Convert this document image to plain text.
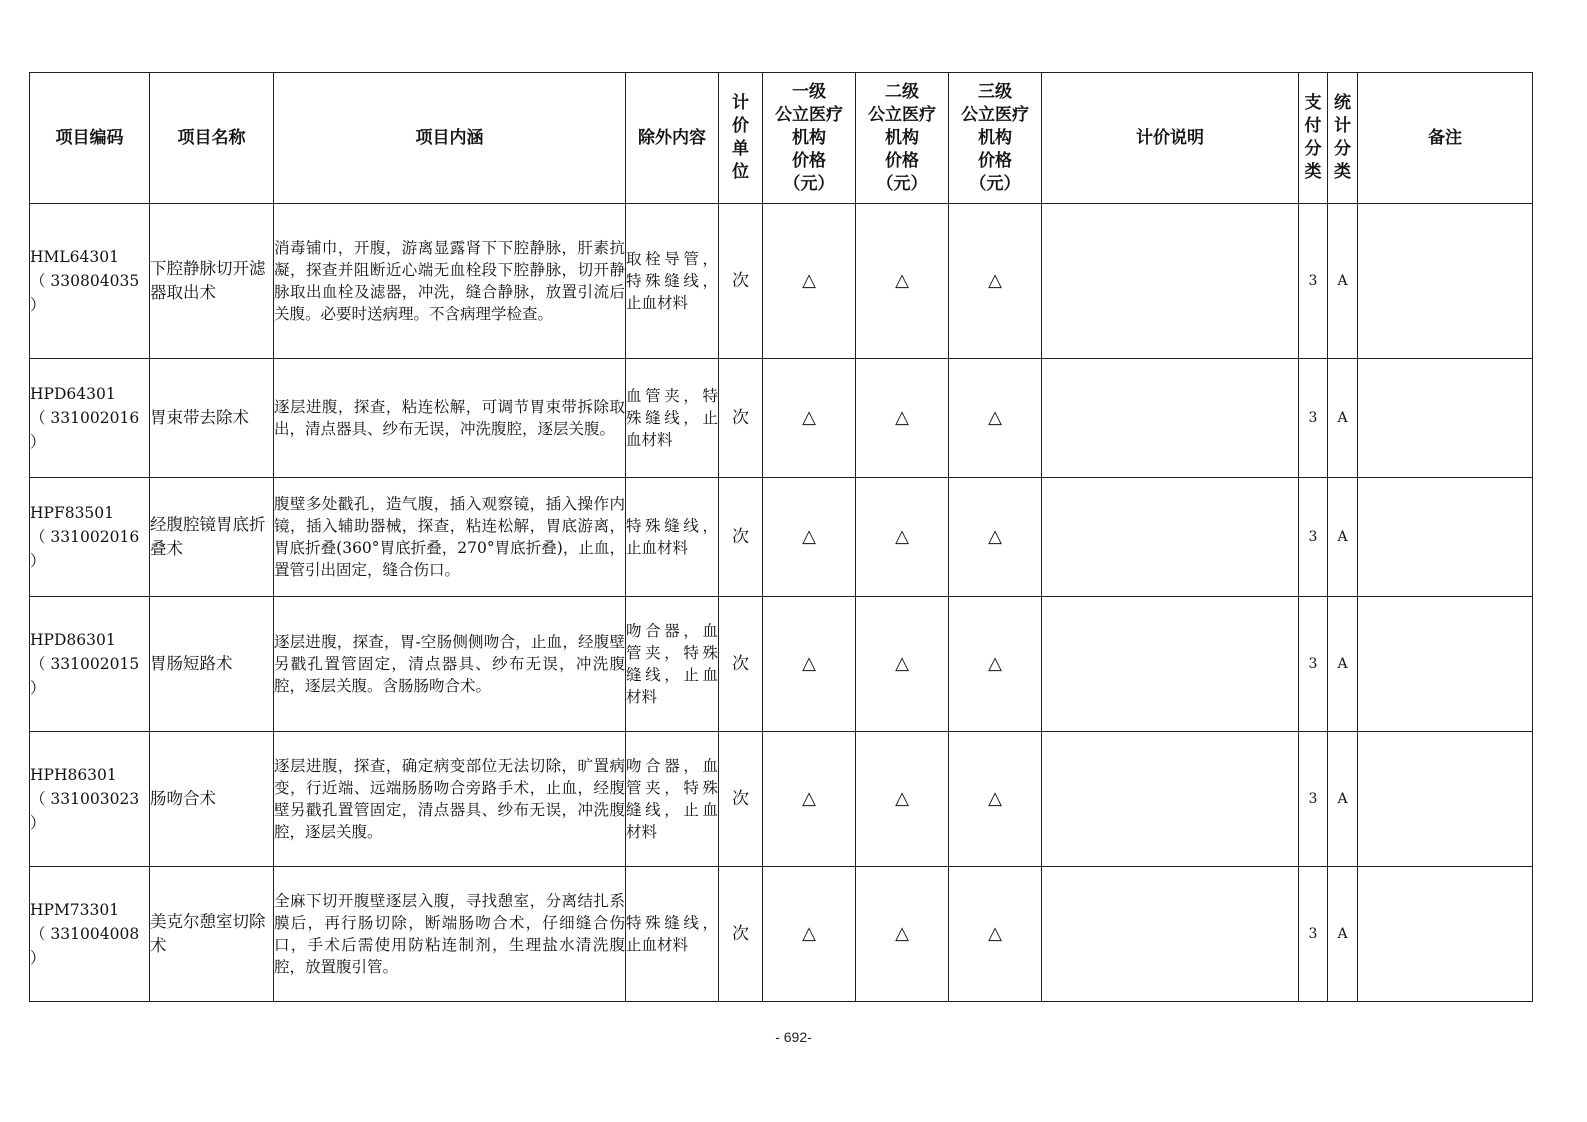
项目编码	项目名称	项目内涵	除外内容	计
价
单
位	一级
公立医疗
机构
价格
（元）	二级
公立医疗
机构
价格
（元）	三级
公立医疗
机构
价格
（元）	计价说明	支
付
分
类	统
计
分
类	备注

HML64301
（ 330804035
）	下腔静脉切开滤器取出术	消毒铺巾，开腹，游离显露肾下下腔静脉，肝素抗凝，探查并阻断近心端无血栓段下腔静脉，切开静脉取出血栓及滤器，冲洗，缝合静脉，放置引流后关腹。必要时送病理。不含病理学检查。	取栓导管，特殊缝线，止血材料	次	△	△	△		3	A	

HPD64301
（ 331002016
）	胃束带去除术	逐层进腹，探查，粘连松解，可调节胃束带拆除取出，清点器具、纱布无误，冲洗腹腔，逐层关腹。	血管夹，特殊缝线，止血材料	次	△	△	△		3	A	

HPF83501
（ 331002016
）	经腹腔镜胃底折叠术	腹壁多处戳孔，造气腹，插入观察镜，插入操作内镜，插入辅助器械，探查，粘连松解，胃底游离，胃底折叠(360°胃底折叠，270°胃底折叠)，止血，置管引出固定，缝合伤口。	特殊缝线，止血材料	次	△	△	△		3	A	

HPD86301
（ 331002015
）	胃肠短路术	逐层进腹，探查，胃-空肠侧侧吻合，止血，经腹壁另戳孔置管固定，清点器具、纱布无误，冲洗腹腔，逐层关腹。含肠肠吻合术。	吻合器，血管夹，特殊缝线，止血材料	次	△	△	△		3	A	

HPH86301
（ 331003023
）	肠吻合术	逐层进腹，探查，确定病变部位无法切除，旷置病变，行近端、远端肠肠吻合旁路手术，止血，经腹壁另戳孔置管固定，清点器具、纱布无误，冲洗腹腔，逐层关腹。	吻合器，血管夹，特殊缝线，止血材料	次	△	△	△		3	A	

HPM73301
（ 331004008
）	美克尔憩室切除术	全麻下切开腹壁逐层入腹，寻找憩室，分离结扎系膜后，再行肠切除，断端肠吻合术，仔细缝合伤口，手术后需使用防粘连制剂，生理盐水清洗腹腔，放置腹引管。	特殊缝线，止血材料	次	△	△	△		3	A	
- 692-
